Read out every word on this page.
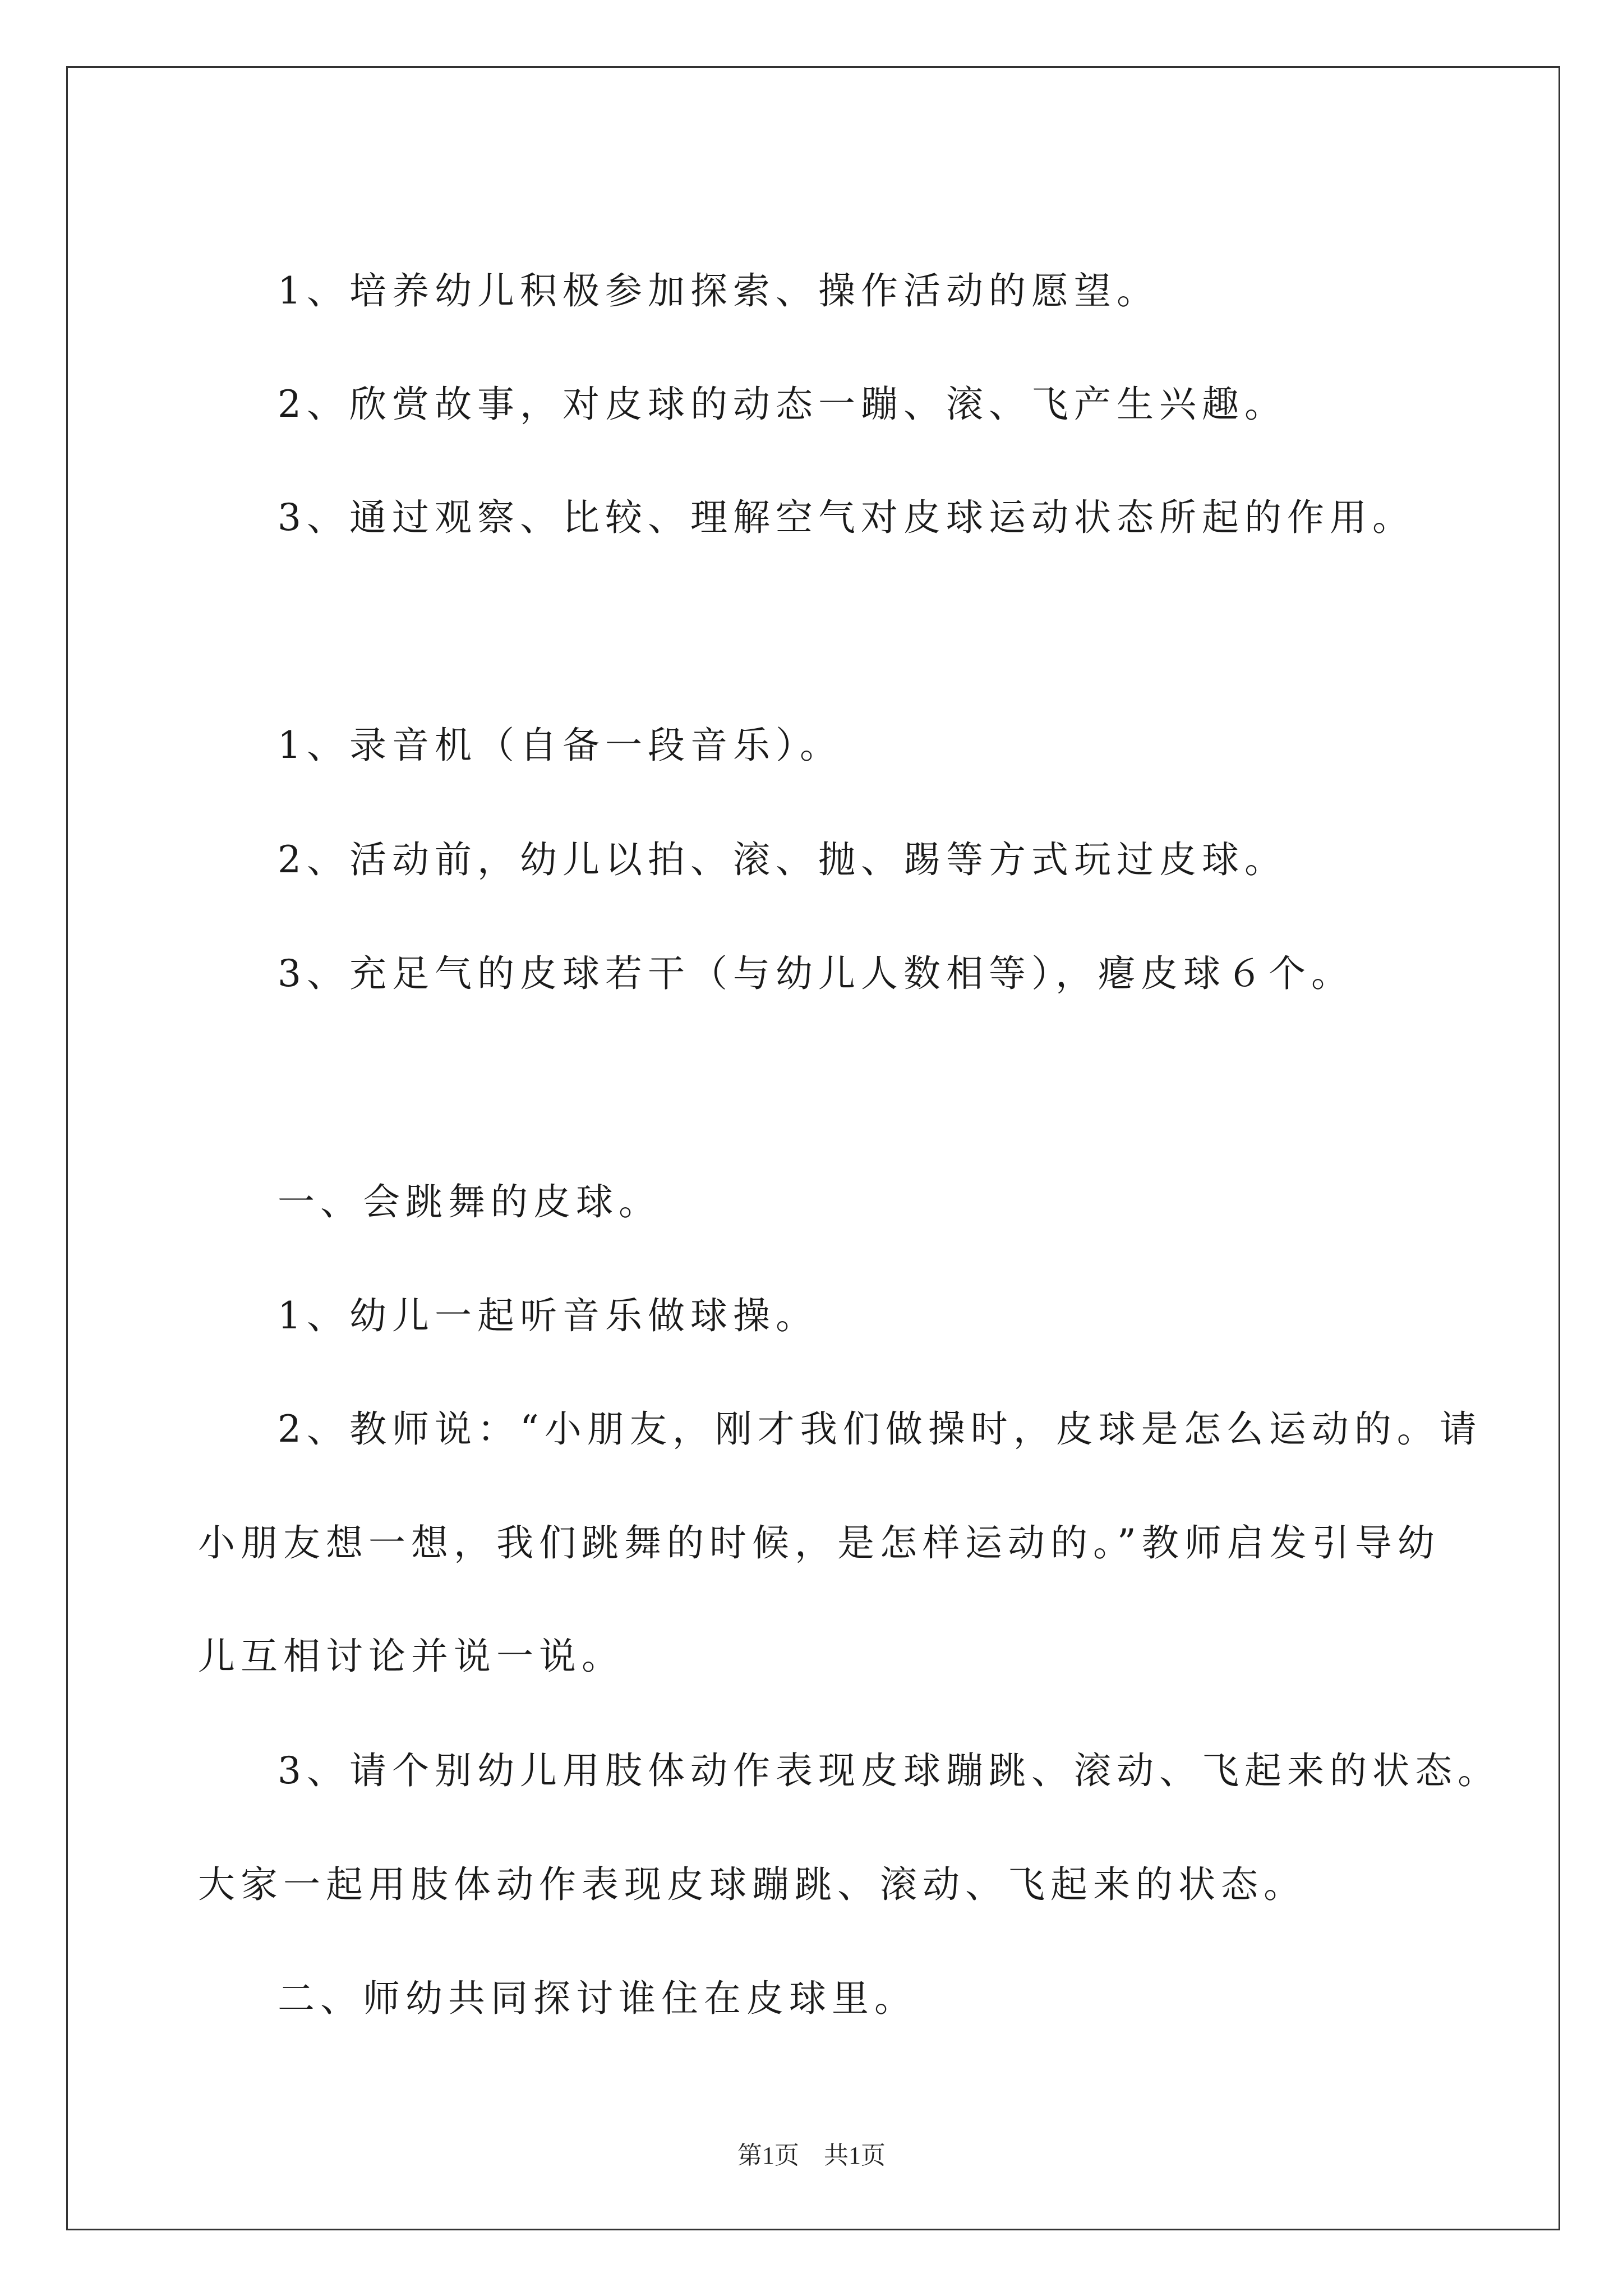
1、培养幼儿积极参加探索、操作活动的愿望。
2、欣赏故事，对皮球的动态一蹦、滚、飞产生兴趣。
3、通过观察、比较、理解空气对皮球运动状态所起的作用。
1、录音机（自备一段音乐）。
2、活动前，幼儿以拍、滚、抛、踢等方式玩过皮球。
3、充足气的皮球若干（与幼儿人数相等），瘪皮球６个。
一、会跳舞的皮球。
1、幼儿一起听音乐做球操。
2、教师说：“小朋友，刚才我们做操时，皮球是怎么运动的。请
小朋友想一想，我们跳舞的时候，是怎样运动的。”教师启发引导幼
儿互相讨论并说一说。
3、请个别幼儿用肢体动作表现皮球蹦跳、滚动、飞起来的状态。
大家一起用肢体动作表现皮球蹦跳、滚动、飞起来的状态。
二、师幼共同探讨谁住在皮球里。
第1页　共1页
